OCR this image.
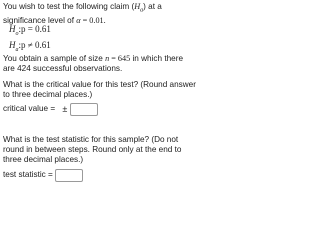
You wish to test the following claim $(H_a)$ at a

significance level of α = 0.01.

$H_o:p = 0.61$

$H_a:p \ne 0.61$

You obtain a sample of size n = 645 in which there

are 424 successful observations.

What is the critical value for this test? (Round answer

to three decimal places.)

critical value = ±

What is the test statistic for this sample? (Do not

round in between steps. Round only at the end to

three decimal places.)

test statistic =
